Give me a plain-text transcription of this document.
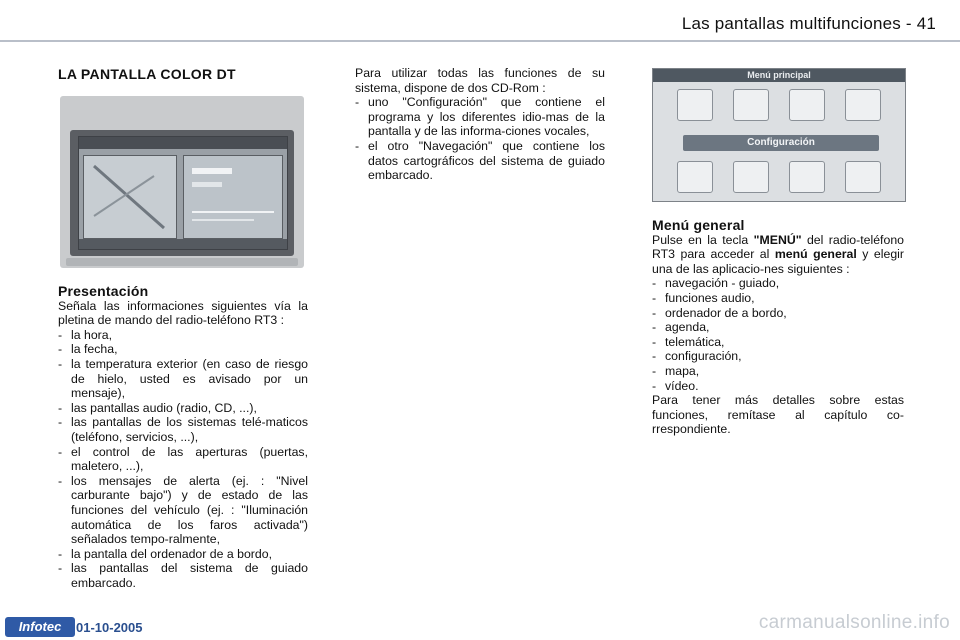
Las pantallas multifunciones - 41
LA PANTALLA COLOR DT
Presentación

Señala las informaciones siguientes vía la pletina de mando del radio-teléfono RT3 :

- la hora,
- la fecha,
- la temperatura exterior (en caso de riesgo de hielo, usted es avisado por un mensaje),
- las pantallas audio (radio, CD, ...),
- las pantallas de los sistemas telé-maticos (teléfono, servicios, ...),
- el control de las aperturas (puertas, maletero, ...),
- los mensajes de alerta (ej. : "Nivel carburante bajo") y de estado de las funciones del vehículo (ej. : "Iluminación automática de los faros activada") señalados tempo-ralmente,
- la pantalla del ordenador de a bordo,
- las pantallas del sistema de guiado embarcado.

Para utilizar todas las funciones de su sistema, dispone de dos CD-Rom :

- uno "Configuración" que contiene el programa y los diferentes idio-mas de la pantalla y de las informa-ciones vocales,
- el otro "Navegación" que contiene los datos cartográficos del sistema de guiado embarcado.
Menú principal
Configuración
Menú general

Pulse en la tecla "MENÚ" del radio-teléfono RT3 para acceder al menú general y elegir una de las aplicacio-nes siguientes :

- navegación - guiado,
- funciones audio,
- ordenador de a bordo,
- agenda,
- telemática,
- configuración,
- mapa,
- vídeo.

Para tener más detalles sobre estas funciones, remítase al capítulo co-rrespondiente.

Infotec	01-10-2005	carmanualsonline.info
